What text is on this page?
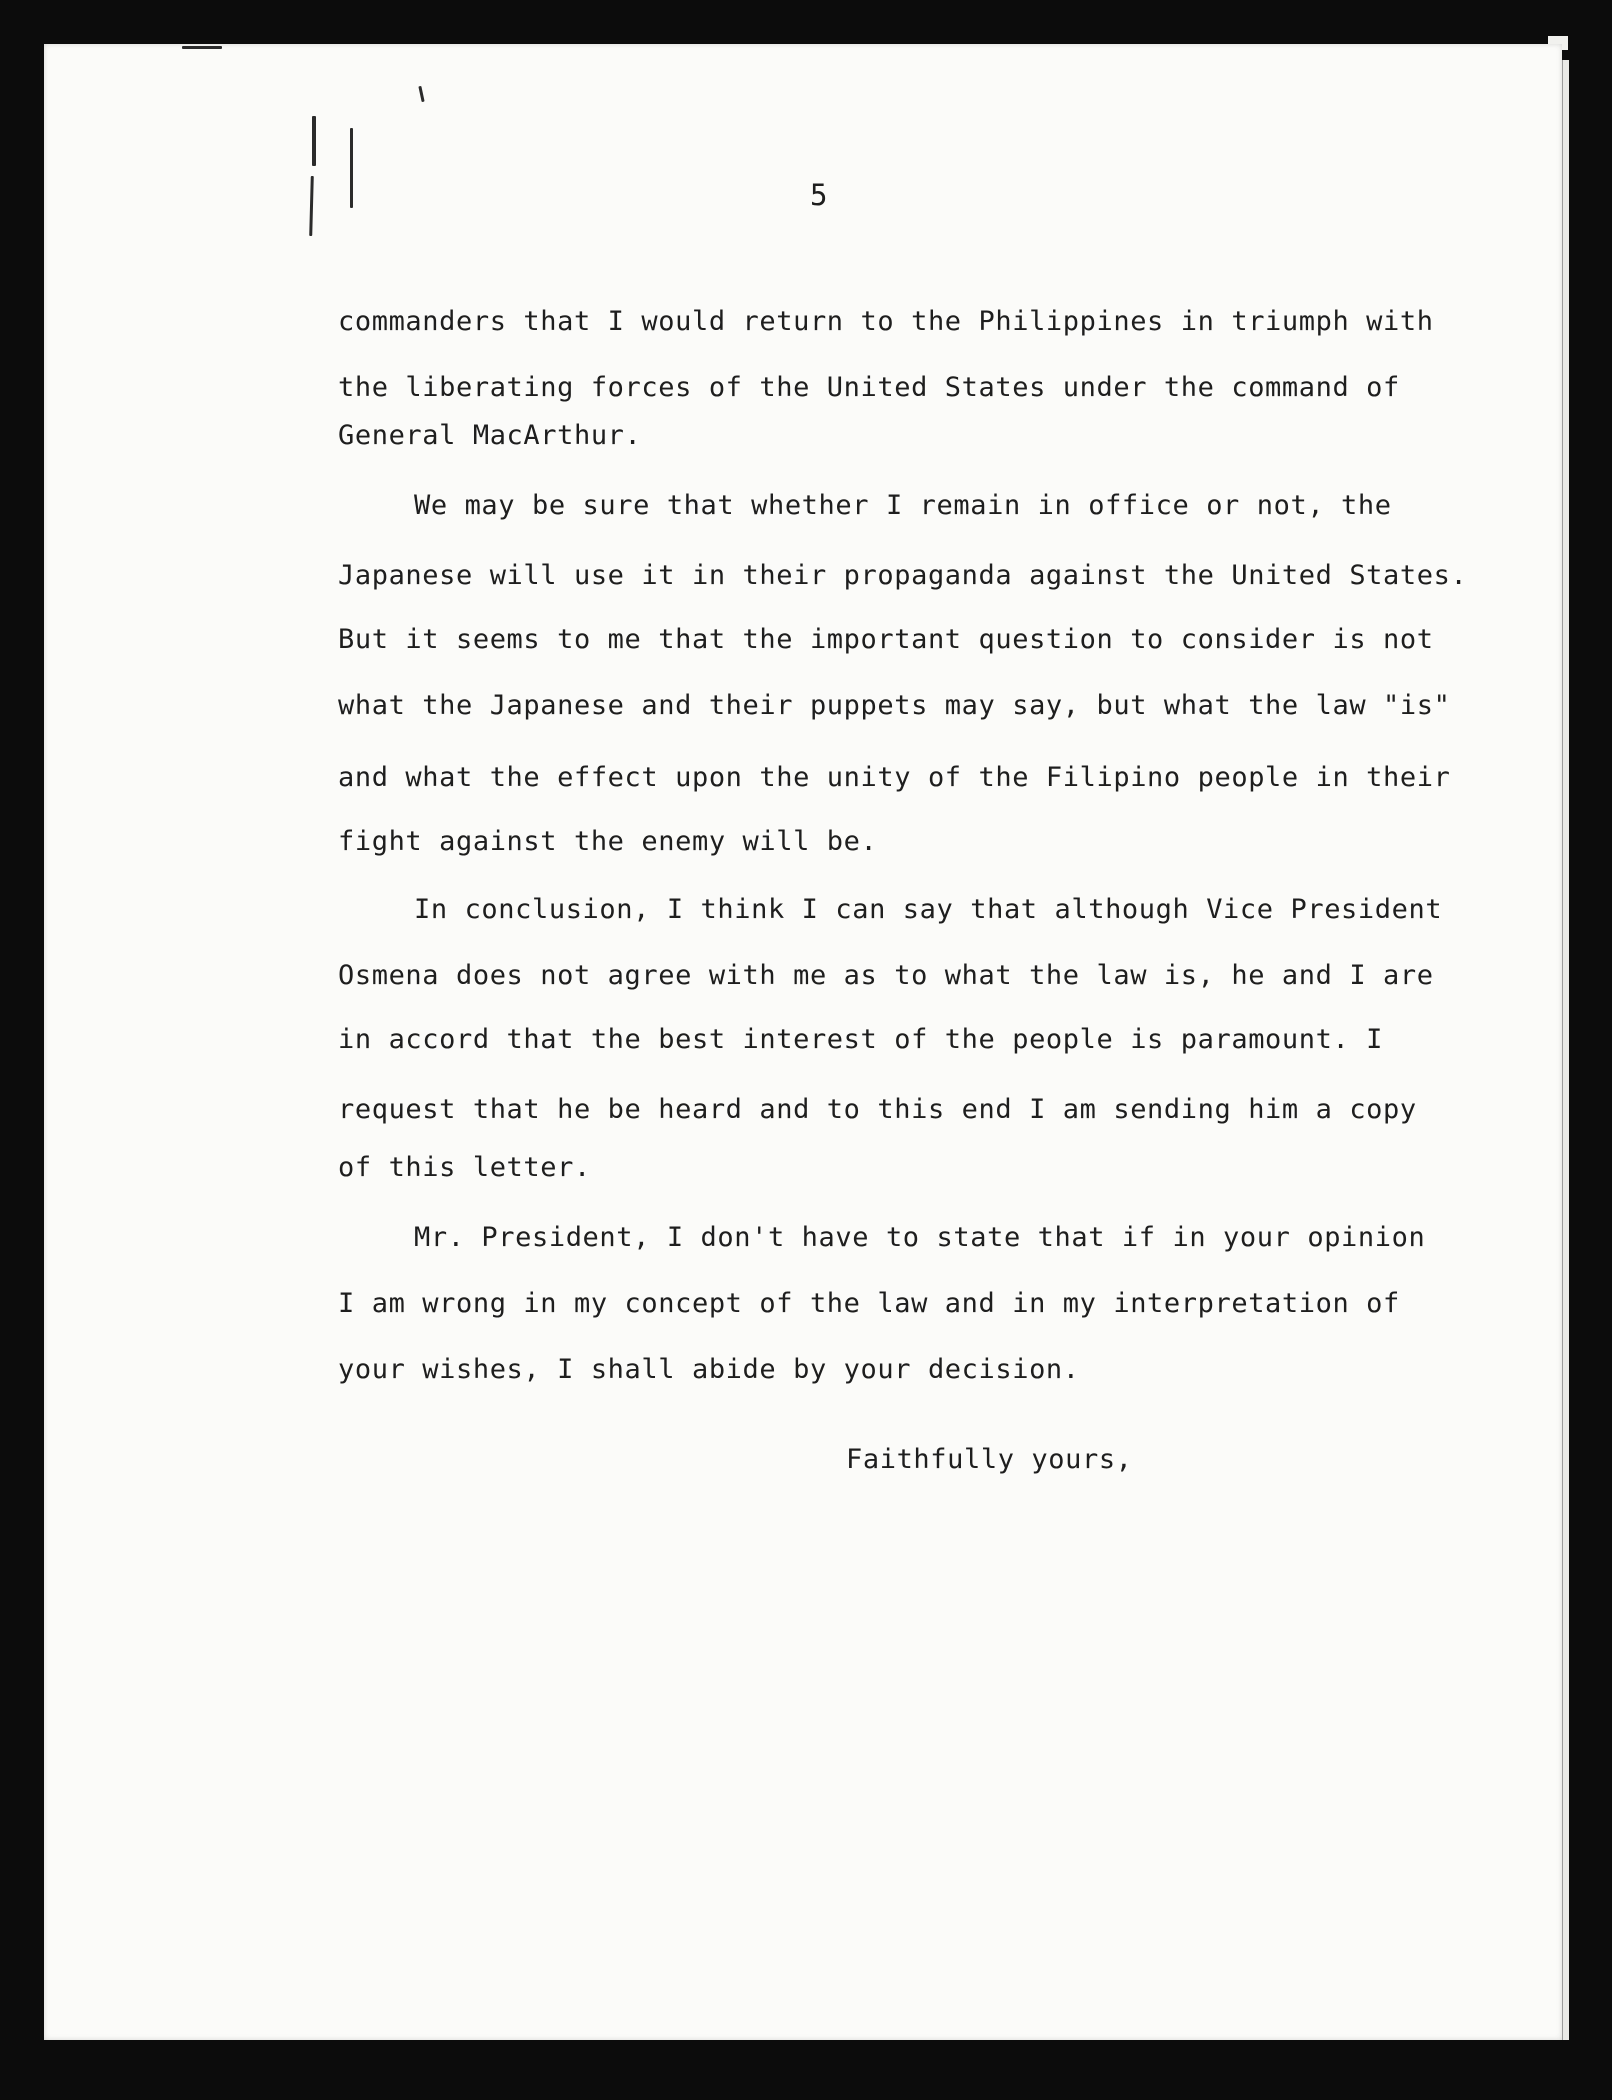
5

commanders that I would return to the Philippines in triumph with

the liberating forces of the United States under the command of

General MacArthur.

We may be sure that whether I remain in office or not, the

Japanese will use it in their propaganda against the United States.

But it seems to me that the important question to consider is not

what the Japanese and their puppets may say, but what the law "is"

and what the effect upon the unity of the Filipino people in their

fight against the enemy will be.

In conclusion, I think I can say that although Vice President

Osmena does not agree with me as to what the law is, he and I are

in accord that the best interest of the people is paramount. I

request that he be heard and to this end I am sending him a copy

of this letter.

Mr. President, I don't have to state that if in your opinion

I am wrong in my concept of the law and in my interpretation of

your wishes, I shall abide by your decision.

Faithfully yours,
